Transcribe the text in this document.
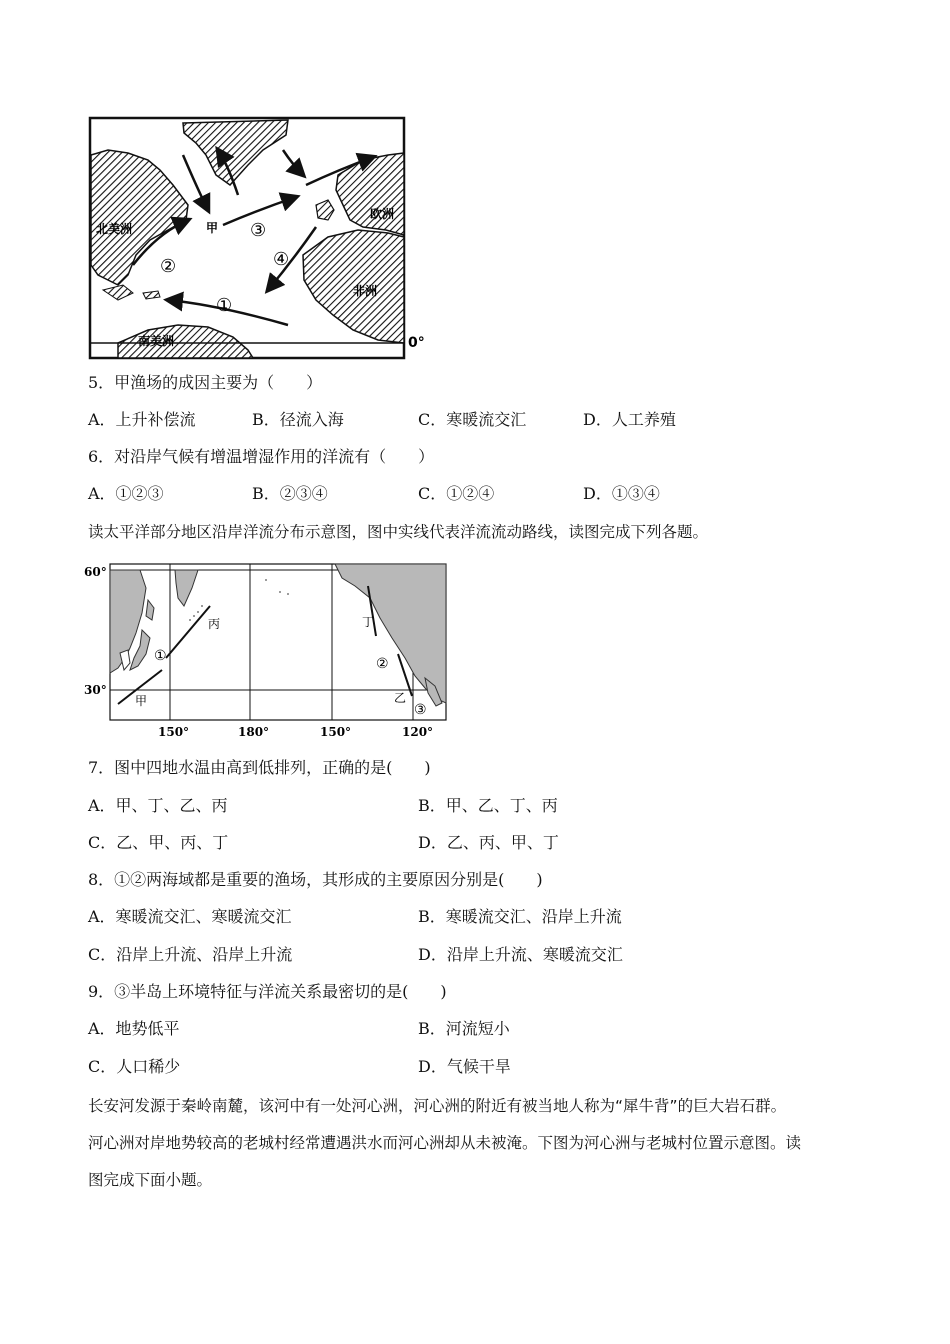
北美洲
欧洲
非洲
南美洲
甲
①
②
③
④
0°
5．甲渔场的成因主要为（　　）
A．上升补偿流	B．径流入海	C．寒暖流交汇	D．人工养殖
6．对沿岸气候有增温增湿作用的洋流有（　　）
A．①②③	B．②③④	C．①②④	D．①③④
读太平洋部分地区沿岸洋流分布示意图，图中实线代表洋流流动路线，读图完成下列各题。
60°
30°
150°	180°	150°	120°
丙	丁
甲	乙
①	②
③
7．图中四地水温由高到低排列，正确的是(　　)
A．甲、丁、乙、丙	B．甲、乙、丁、丙
C．乙、甲、丙、丁	D．乙、丙、甲、丁
8．①②两海域都是重要的渔场，其形成的主要原因分别是(　　)
A．寒暖流交汇、寒暖流交汇	B．寒暖流交汇、沿岸上升流
C．沿岸上升流、沿岸上升流	D．沿岸上升流、寒暖流交汇
9．③半岛上环境特征与洋流关系最密切的是(　　)
A．地势低平	B．河流短小
C．人口稀少	D．气候干旱
长安河发源于秦岭南麓，该河中有一处河心洲，河心洲的附近有被当地人称为“犀牛背”的巨大岩石群。
河心洲对岸地势较高的老城村经常遭遇洪水而河心洲却从未被淹。下图为河心洲与老城村位置示意图。读
图完成下面小题。
